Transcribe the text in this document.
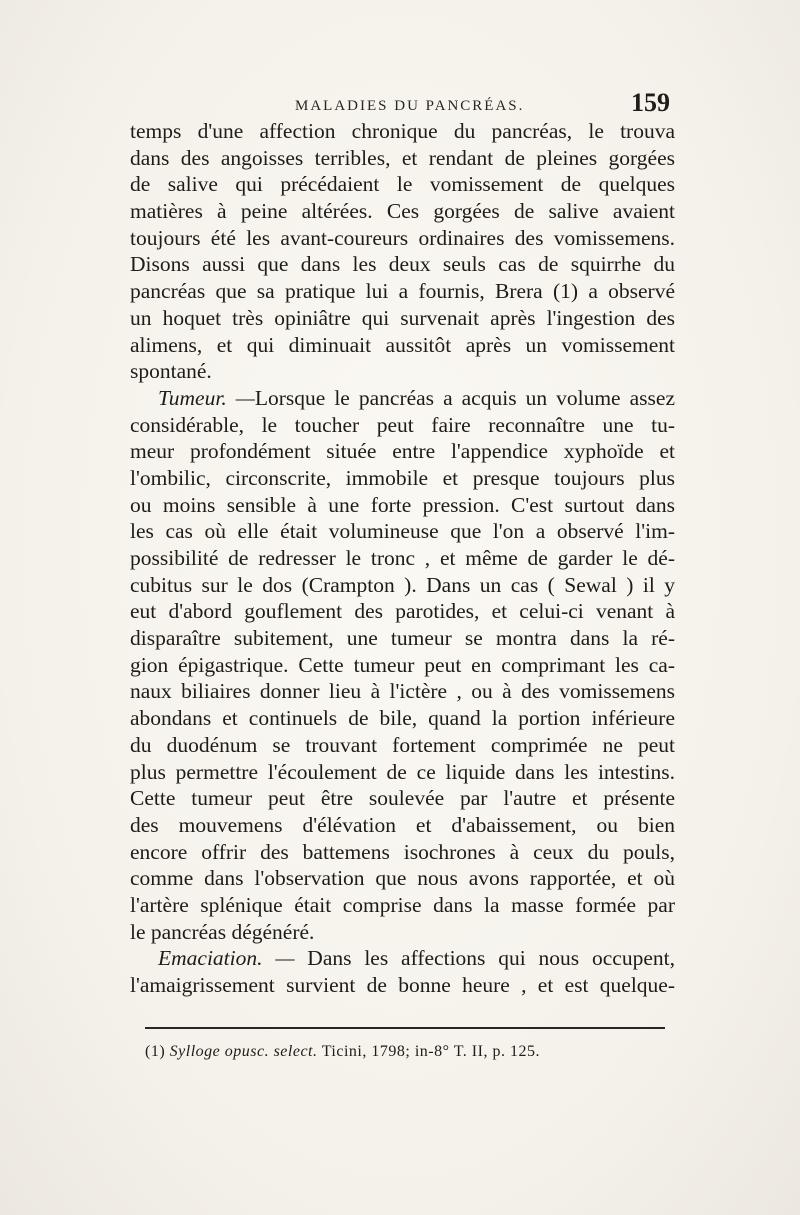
MALADIES DU PANCRÉAS.	159
temps d'une affection chronique du pancréas, le trouva
dans des angoisses terribles, et rendant de pleines gorgées
de salive qui précédaient le vomissement de quelques
matières à peine altérées. Ces gorgées de salive avaient
toujours été les avant-coureurs ordinaires des vomissemens.
Disons aussi que dans les deux seuls cas de squirrhe du
pancréas que sa pratique lui a fournis, Brera (1) a observé
un hoquet très opiniâtre qui survenait après l'ingestion des
alimens, et qui diminuait aussitôt après un vomissement
spontané.
Tumeur. —Lorsque le pancréas a acquis un volume assez
considérable, le toucher peut faire reconnaître une tu-
meur profondément située entre l'appendice xyphoïde et
l'ombilic, circonscrite, immobile et presque toujours plus
ou moins sensible à une forte pression. C'est surtout dans
les cas où elle était volumineuse que l'on a observé l'im-
possibilité de redresser le tronc , et même de garder le dé-
cubitus sur le dos (Crampton ). Dans un cas ( Sewal ) il y
eut d'abord gouflement des parotides, et celui-ci venant à
disparaître subitement, une tumeur se montra dans la ré-
gion épigastrique. Cette tumeur peut en comprimant les ca-
naux biliaires donner lieu à l'ictère , ou à des vomissemens
abondans et continuels de bile, quand la portion inférieure
du duodénum se trouvant fortement comprimée ne peut
plus permettre l'écoulement de ce liquide dans les intestins.
Cette tumeur peut être soulevée par l'autre et présente
des mouvemens d'élévation et d'abaissement, ou bien
encore offrir des battemens isochrones à ceux du pouls,
comme dans l'observation que nous avons rapportée, et où
l'artère splénique était comprise dans la masse formée par
le pancréas dégénéré.
Emaciation. — Dans les affections qui nous occupent,
l'amaigrissement survient de bonne heure , et est quelque-
(1) Sylloge opusc. select. Ticini, 1798; in-8° T. II, p. 125.
